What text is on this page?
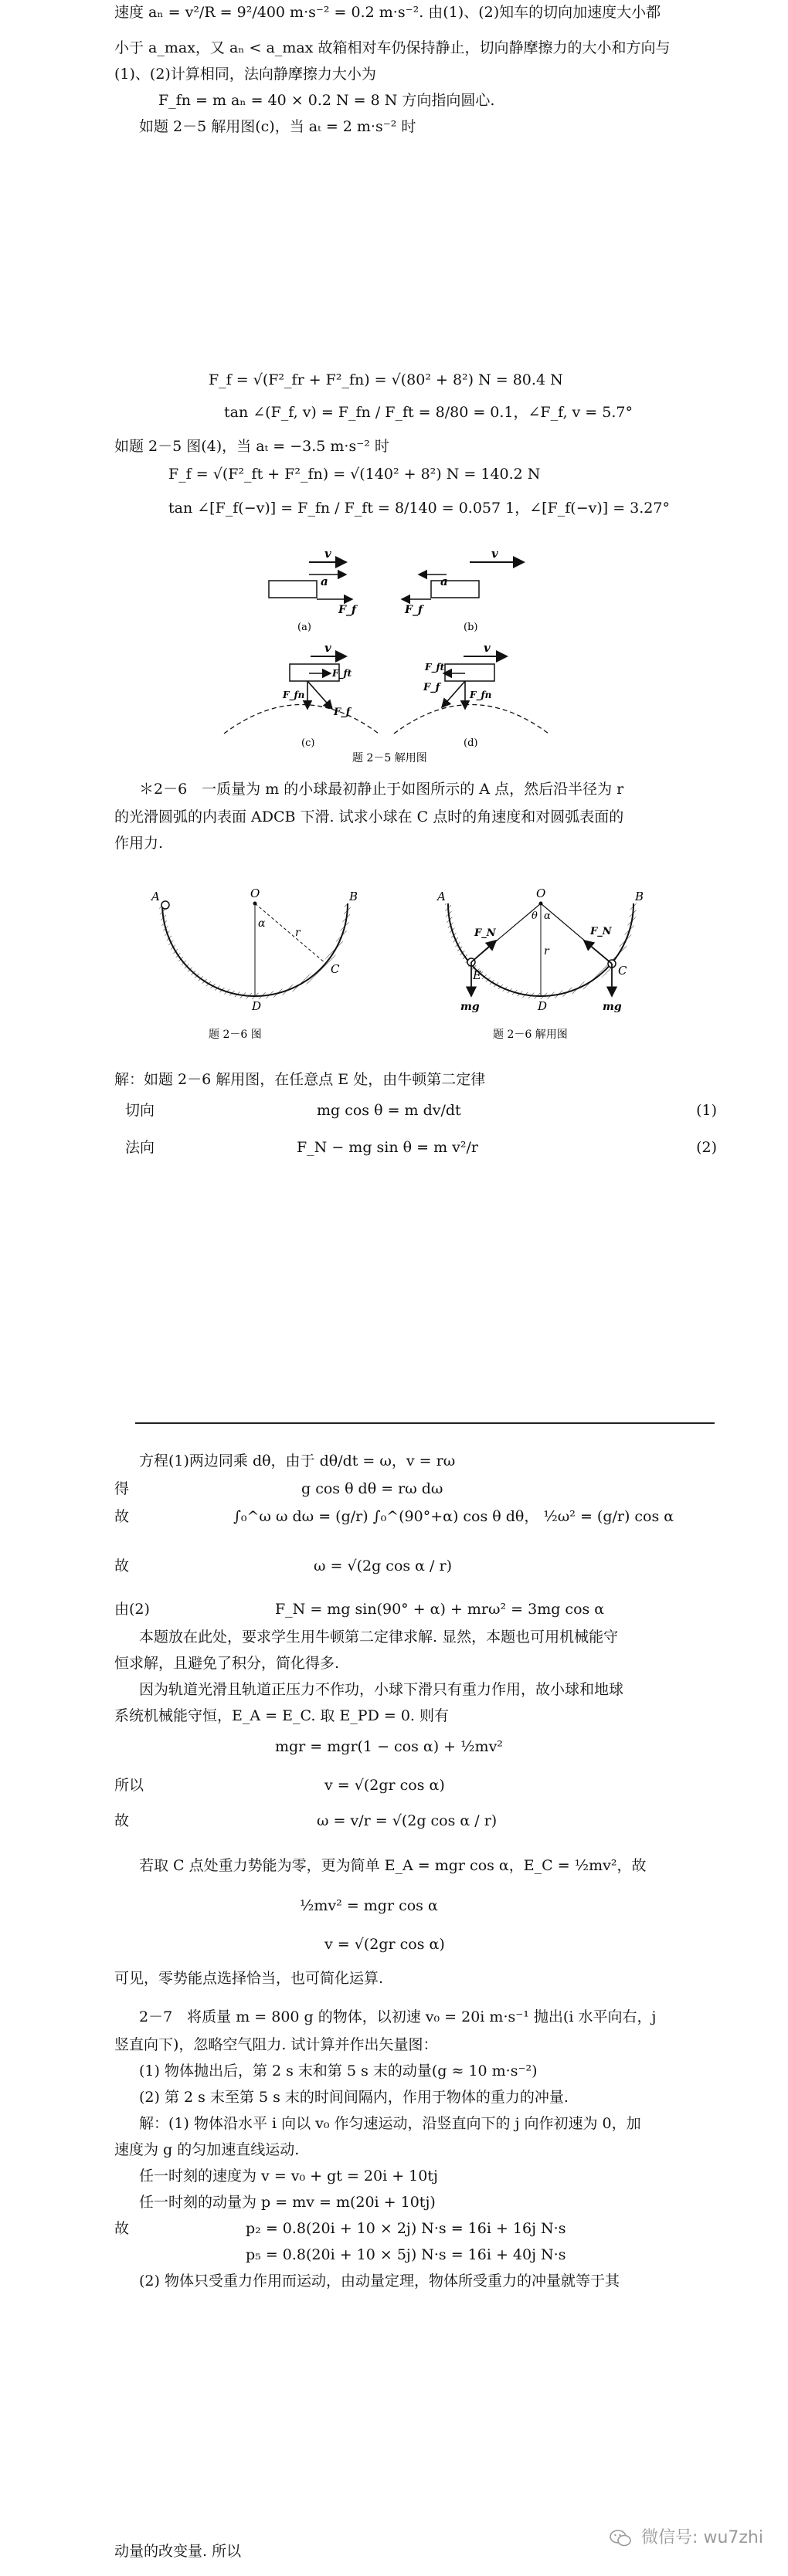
速度 aₙ = v²/R = 9²/400 m·s⁻² = 0.2 m·s⁻². 由(1)、(2)知车的切向加速度大小都
小于 a_max，又 aₙ < a_max 故箱相对车仍保持静止，切向静摩擦力的大小和方向与
(1)、(2)计算相同，法向静摩擦力大小为
F_fn = m aₙ = 40 × 0.2 N = 8 N 方向指向圆心.
如题 2－5 解用图(c)，当 aₜ = 2 m·s⁻² 时
F_f = √(F²_fr + F²_fn) = √(80² + 8²) N = 80.4 N
tan ∠(F_f, v) = F_fn / F_ft = 8/80 = 0.1，∠F_f, v = 5.7°
如题 2－5 图(4)，当 aₜ = −3.5 m·s⁻² 时
F_f = √(F²_ft + F²_fn) = √(140² + 8²) N = 140.2 N
tan ∠[F_f(−v)] = F_fn / F_ft = 8/140 = 0.057 1，∠[F_f(−v)] = 3.27°
v
a
F_f
(a)
v
a
F_f
(b)
v
F_ft
F_fn
F_f
(c)
v
F_ft
F_f
F_fn
(d)
题 2－5 解用图
＊2－6　一质量为 m 的小球最初静止于如图所示的 A 点，然后沿半径为 r
的光滑圆弧的内表面 ADCB 下滑. 试求小球在 C 点时的角速度和对圆弧表面的
作用力.
A	B
O
α
r
D
C
题 2－6 图
A	B
O
θ α
r
E	C
D
F_N
mg
F_N
mg
题 2－6 解用图
解：如题 2－6 解用图，在任意点 E 处，由牛顿第二定律
切向	mg cos θ = m dv/dt	(1)
法向	F_N − mg sin θ = m v²/r	(2)
方程(1)两边同乘 dθ，由于 dθ/dt = ω，v = rω
得	g cos θ dθ = rω dω
故	∫₀^ω ω dω = (g/r) ∫₀^(90°+α) cos θ dθ， ½ω² = (g/r) cos α
故	ω = √(2g cos α / r)
由(2)	F_N = mg sin(90° + α) + mrω² = 3mg cos α
本题放在此处，要求学生用牛顿第二定律求解. 显然，本题也可用机械能守
恒求解，且避免了积分，简化得多.
因为轨道光滑且轨道正压力不作功，小球下滑只有重力作用，故小球和地球
系统机械能守恒，E_A = E_C. 取 E_PD = 0. 则有
mgr = mgr(1 − cos α) + ½mv²
所以	v = √(2gr cos α)
故	ω = v/r = √(2g cos α / r)
若取 C 点处重力势能为零，更为简单 E_A = mgr cos α，E_C = ½mv²，故
½mv² = mgr cos α
v = √(2gr cos α)
可见，零势能点选择恰当，也可简化运算.
2－7　将质量 m = 800 g 的物体，以初速 v₀ = 20i m·s⁻¹ 抛出(i 水平向右，j
竖直向下)，忽略空气阻力. 试计算并作出矢量图：
(1) 物体抛出后，第 2 s 末和第 5 s 末的动量(g ≈ 10 m·s⁻²)
(2) 第 2 s 末至第 5 s 末的时间间隔内，作用于物体的重力的冲量.
解：(1) 物体沿水平 i 向以 v₀ 作匀速运动，沿竖直向下的 j 向作初速为 0，加
速度为 g 的匀加速直线运动.
任一时刻的速度为 v = v₀ + gt = 20i + 10tj
任一时刻的动量为 p = mv = m(20i + 10tj)
故	p₂ = 0.8(20i + 10 × 2j) N·s = 16i + 16j N·s
p₅ = 0.8(20i + 10 × 5j) N·s = 16i + 40j N·s
(2) 物体只受重力作用而运动，由动量定理，物体所受重力的冲量就等于其
动量的改变量. 所以
微信号: wu7zhi
